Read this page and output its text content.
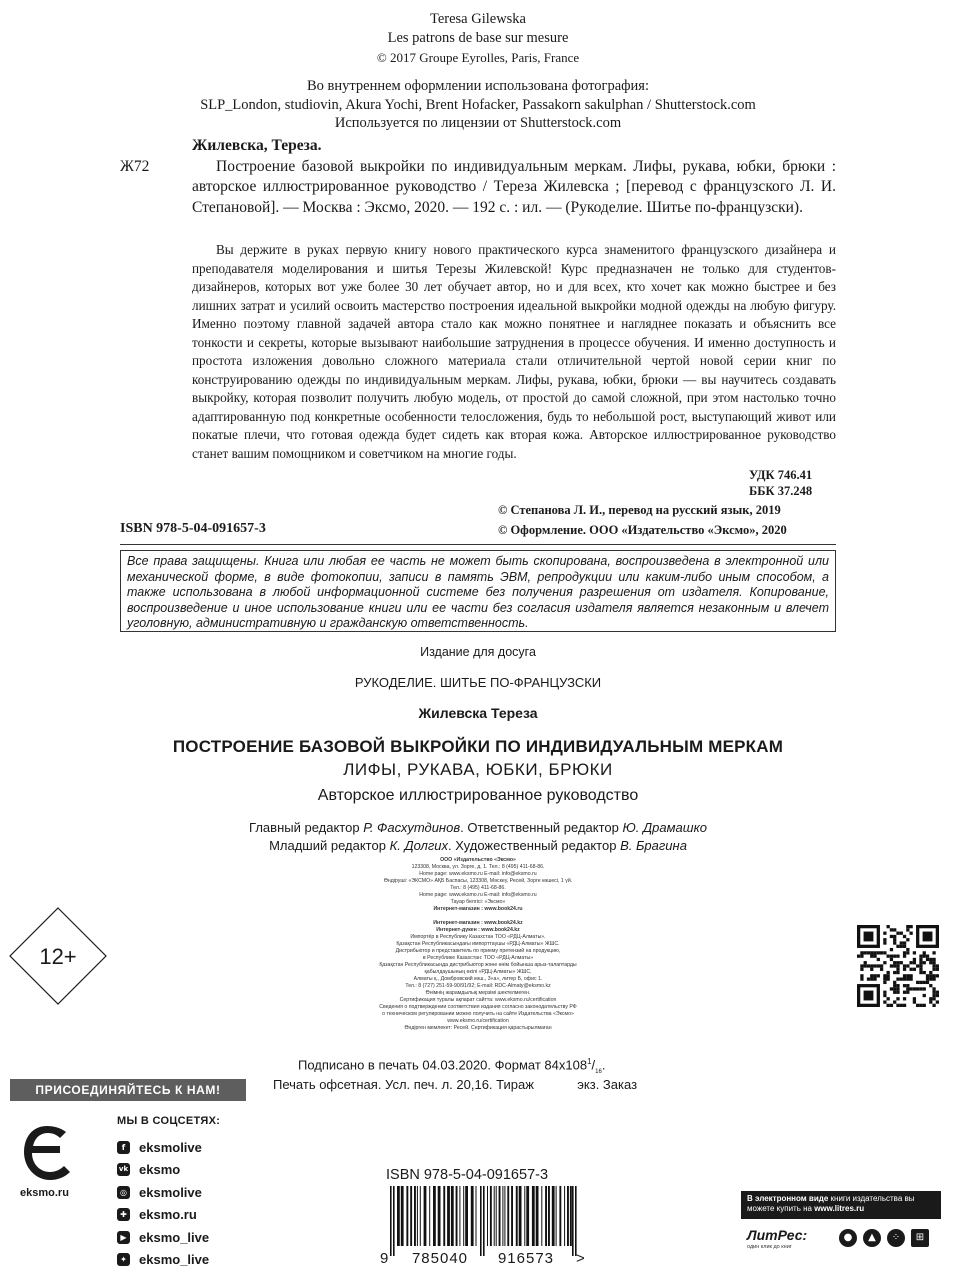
Teresa Gilewska
Les patrons de base sur mesure
© 2017 Groupe Eyrolles, Paris, France
Во внутреннем оформлении использована фотография:
SLP_London, studiovin, Akura Yochi, Brent Hofacker, Passakorn sakulphan / Shutterstock.com
Используется по лицензии от Shutterstock.com
Ж72
Жилевска, Тереза.
Построение базовой выкройки по индивидуальным меркам. Лифы, рукава, юбки, брюки : авторское иллюстрированное руководство / Тереза Жилевска ; [перевод с французского Л. И. Степановой]. — Москва : Эксмо, 2020. — 192 с. : ил. — (Рукоделие. Шитье по-французски).
Вы держите в руках первую книгу нового практического курса знаменитого французского дизайнера и преподавателя моделирования и шитья Терезы Жилевской! Курс предназначен не только для студентов-дизайнеров, которых вот уже более 30 лет обучает автор, но и для всех, кто хочет как можно быстрее и без лишних затрат и усилий освоить мастерство построения идеальной выкройки модной одежды на любую фигуру. Именно поэтому главной задачей автора стало как можно понятнее и нагляднее показать и объяснить все тонкости и секреты, которые вызывают наибольшие затруднения в процессе обучения. И именно доступность и простота изложения довольно сложного материала стали отличительной чертой новой серии книг по конструированию одежды по индивидуальным меркам. Лифы, рукава, юбки, брюки — вы научитесь создавать выкройку, которая позволит получить любую модель, от простой до самой сложной, при этом настолько точно адаптированную под конкретные особенности телосложения, будь то небольшой рост, выступающий живот или покатые плечи, что готовая одежда будет сидеть как вторая кожа. Авторское иллюстрированное руководство станет вашим помощником и советчиком на многие годы.
УДК 746.41
ББК 37.248
© Степанова Л. И., перевод на русский язык, 2019
© Оформление. ООО «Издательство «Эксмо», 2020
ISBN 978-5-04-091657-3
Все права защищены. Книга или любая ее часть не может быть скопирована, воспроизведена в электронной или механической форме, в виде фотокопии, записи в память ЭВМ, репродукции или каким-либо иным способом, а также использована в любой информационной системе без получения разрешения от издателя. Копирование, воспроизведение и иное использование книги или ее части без согласия издателя является незаконным и влечет уголовную, административную и гражданскую ответственность.
Издание для досуга
РУКОДЕЛИЕ. ШИТЬЕ ПО-ФРАНЦУЗСКИ
Жилевска Тереза
ПОСТРОЕНИЕ БАЗОВОЙ ВЫКРОЙКИ ПО ИНДИВИДУАЛЬНЫМ МЕРКАМ
ЛИФЫ, РУКАВА, ЮБКИ, БРЮКИ
Авторское иллюстрированное руководство
Главный редактор Р. Фасхутдинов. Ответственный редактор Ю. Драмашко
Младший редактор К. Долгих. Художественный редактор В. Брагина
ООО «Издательство «Эксмо»
123308, Москва, ул. Зорге, д. 1. Тел.: 8 (495) 411-68-86.
Home page: www.eksmo.ru E-mail: info@eksmo.ru
Өндіруші: «ЭКСМО» АҚБ Баспасы, 123308, Мәскеу, Ресей, Зорге көшесі, 1 үй.
Тел.: 8 (495) 411-68-86.
Home page: www.eksmo.ru E-mail: info@eksmo.ru
Тауар белгісі: «Эксмо»
Интернет-магазин : www.book24.ru
Интернет-магазин : www.book24.kz
Интернет-дүкен : www.book24.kz
Импортёр в Республику Казахстан ТОО «РДЦ-Алматы».
Қазақстан Республикасындағы импорттаушы «РДЦ-Алматы» ЖШС.
Дистрибьютор и представитель по приему претензий на продукцию,
в Республике Казахстан: ТОО «РДЦ-Алматы»
Қазақстан Республикасында дистрибьютор және өнім бойынша арыз-талаптарды
қабылдаушының өкілі «РДЦ-Алматы» ЖШС,
Алматы қ., Домбровский көш., 3«а», литер Б, офис 1.
Тел.: 8 (727) 251-59-90/91/92; E-mail: RDC-Almaty@eksmo.kz
Өнімнің жарамдылық мерзімі шектелмеген.
Сертификация туралы ақпарат сайтта: www.eksmo.ru/certification
Сведения о подтверждении соответствия издания согласно законодательству РФ
о техническом регулировании можно получить на сайте Издательства «Эксмо»
www.eksmo.ru/certification
Өндірген мемлекет: Ресей. Сертификация қарастырылмаған
12+
Подписано в печать 04.03.2020. Формат $84x108^1/_{16}$.
Печать офсетная. Усл. печ. л. 20,16. Тираж            экз. Заказ
ПРИСОЕДИНЯЙТЕСЬ К НАМ!
eksmo.ru
МЫ В СОЦСЕТЯХ:
f	eksmolive
vk eksmo
◎ eksmolive
✚ eksmo.ru
▶ eksmo_live
✦ eksmo_live
ISBN 978-5-04-091657-3
9 785040 916573 >
В электронном виде книги издательства вы можете купить на www.litres.ru
ЛитРес:
один клик до книг
●	▲	⁘	⊞
